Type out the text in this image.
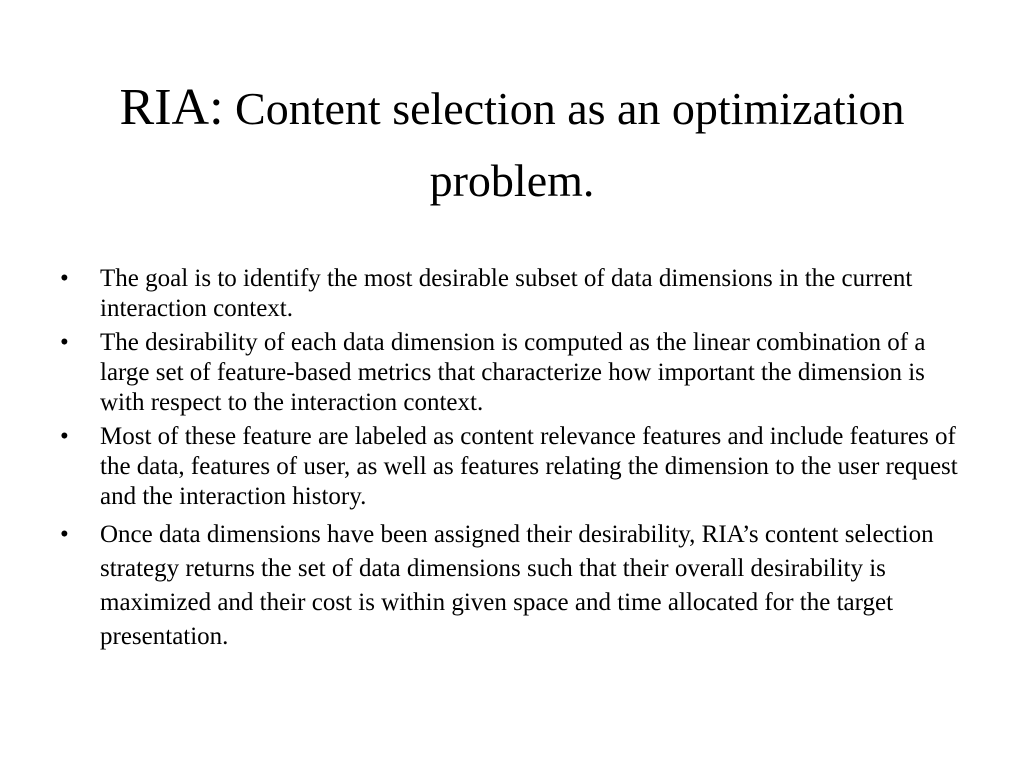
RIA: Content selection as an optimization problem.
• The goal is to identify the most desirable subset of data dimensions in the current interaction context.
• The desirability of each data dimension is computed as the linear combination of a large set of feature-based metrics that characterize how important the dimension is with respect to the interaction context.
• Most of these feature are labeled as content relevance features and include features of the data, features of user, as well as features relating the dimension to the user request and the interaction history.
• Once data dimensions have been assigned their desirability, RIA’s content selection strategy returns the set of data dimensions such that their overall desirability is maximized and their cost is within given space and time allocated for the target presentation.
